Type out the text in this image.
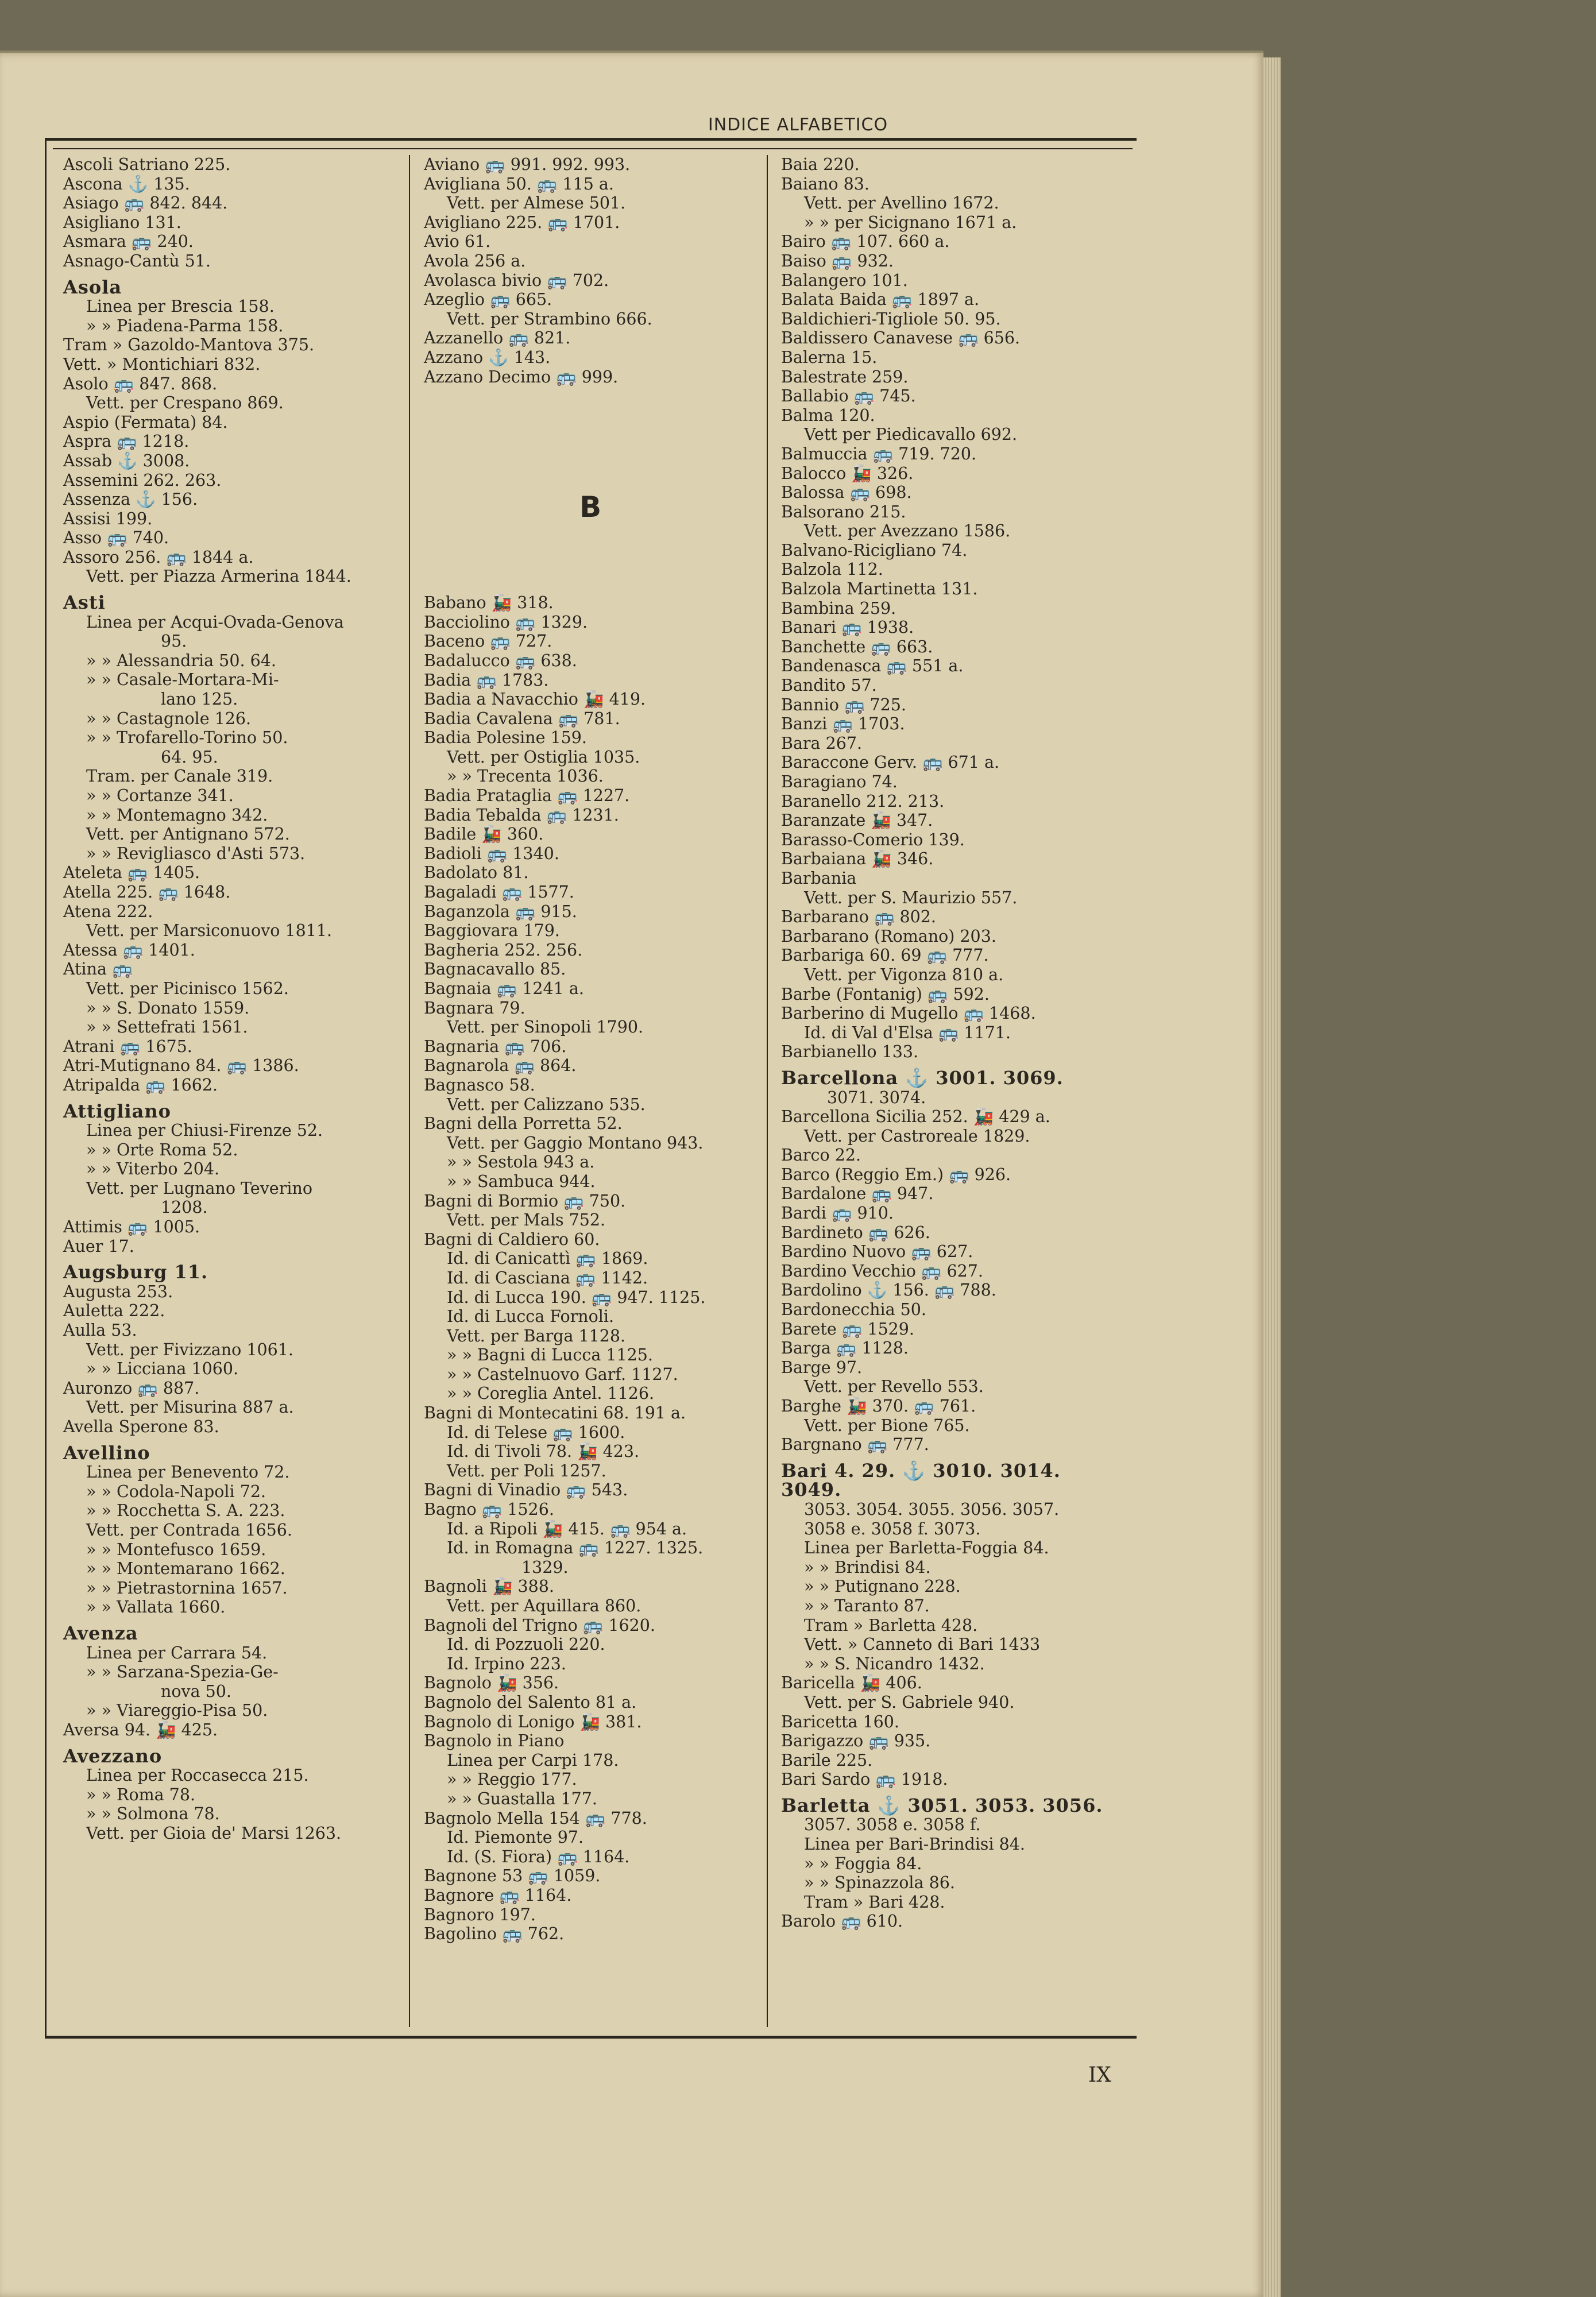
INDICE ALFABETICO
Ascoli Satriano 225.
Ascona ⚓ 135.
Asiago 🚌 842. 844.
Asigliano 131.
Asmara 🚌 240.
Asnago-Cantù 51.
Asola
Linea per Brescia 158.
» » Piadena-Parma 158.
Tram » Gazoldo-Mantova 375.
Vett. » Montichiari 832.
Asolo 🚌 847. 868.
Vett. per Crespano 869.
Aspio (Fermata) 84.
Aspra 🚌 1218.
Assab ⚓ 3008.
Assemini 262. 263.
Assenza ⚓ 156.
Assisi 199.
Asso 🚌 740.
Assoro 256. 🚌 1844 a.
Vett. per Piazza Armerina 1844.
Asti
Linea per Acqui-Ovada-Genova
95.
» » Alessandria 50. 64.
» » Casale-Mortara-Mi-
lano 125.
» » Castagnole 126.
» » Trofarello-Torino 50.
64. 95.
Tram. per Canale 319.
» » Cortanze 341.
» » Montemagno 342.
Vett. per Antignano 572.
» » Revigliasco d'Asti 573.
Ateleta 🚌 1405.
Atella 225. 🚌 1648.
Atena 222.
Vett. per Marsiconuovo 1811.
Atessa 🚌 1401.
Atina 🚌
Vett. per Picinisco 1562.
» » S. Donato 1559.
» » Settefrati 1561.
Atrani 🚌 1675.
Atri-Mutignano 84. 🚌 1386.
Atripalda 🚌 1662.
Attigliano
Linea per Chiusi-Firenze 52.
» » Orte Roma 52.
» » Viterbo 204.
Vett. per Lugnano Teverino
1208.
Attimis 🚌 1005.
Auer 17.
Augsburg 11.
Augusta 253.
Auletta 222.
Aulla 53.
Vett. per Fivizzano 1061.
» » Licciana 1060.
Auronzo 🚌 887.
Vett. per Misurina 887 a.
Avella Sperone 83.
Avellino
Linea per Benevento 72.
» » Codola-Napoli 72.
» » Rocchetta S. A. 223.
Vett. per Contrada 1656.
» » Montefusco 1659.
» » Montemarano 1662.
» » Pietrastornina 1657.
» » Vallata 1660.
Avenza
Linea per Carrara 54.
» » Sarzana-Spezia-Ge-
nova 50.
» » Viareggio-Pisa 50.
Aversa 94. 🚂 425.
Avezzano
Linea per Roccasecca 215.
» » Roma 78.
» » Solmona 78.
Vett. per Gioia de' Marsi 1263.
Aviano 🚌 991. 992. 993.
Avigliana 50. 🚌 115 a.
Vett. per Almese 501.
Avigliano 225. 🚌 1701.
Avio 61.
Avola 256 a.
Avolasca bivio 🚌 702.
Azeglio 🚌 665.
Vett. per Strambino 666.
Azzanello 🚌 821.
Azzano ⚓ 143.
Azzano Decimo 🚌 999.
B
Babano 🚂 318.
Bacciolino 🚌 1329.
Baceno 🚌 727.
Badalucco 🚌 638.
Badia 🚌 1783.
Badia a Navacchio 🚂 419.
Badia Cavalena 🚌 781.
Badia Polesine 159.
Vett. per Ostiglia 1035.
» » Trecenta 1036.
Badia Prataglia 🚌 1227.
Badia Tebalda 🚌 1231.
Badile 🚂 360.
Badioli 🚌 1340.
Badolato 81.
Bagaladi 🚌 1577.
Baganzola 🚌 915.
Baggiovara 179.
Bagheria 252. 256.
Bagnacavallo 85.
Bagnaia 🚌 1241 a.
Bagnara 79.
Vett. per Sinopoli 1790.
Bagnaria 🚌 706.
Bagnarola 🚌 864.
Bagnasco 58.
Vett. per Calizzano 535.
Bagni della Porretta 52.
Vett. per Gaggio Montano 943.
» » Sestola 943 a.
» » Sambuca 944.
Bagni di Bormio 🚌 750.
Vett. per Mals 752.
Bagni di Caldiero 60.
Id. di Canicattì 🚌 1869.
Id. di Casciana 🚌 1142.
Id. di Lucca 190. 🚌 947. 1125.
Id. di Lucca Fornoli.
Vett. per Barga 1128.
» » Bagni di Lucca 1125.
» » Castelnuovo Garf. 1127.
» » Coreglia Antel. 1126.
Bagni di Montecatini 68. 191 a.
Id. di Telese 🚌 1600.
Id. di Tivoli 78. 🚂 423.
Vett. per Poli 1257.
Bagni di Vinadio 🚌 543.
Bagno 🚌 1526.
Id. a Ripoli 🚂 415. 🚌 954 a.
Id. in Romagna 🚌 1227. 1325.
1329.
Bagnoli 🚂 388.
Vett. per Aquillara 860.
Bagnoli del Trigno 🚌 1620.
Id. di Pozzuoli 220.
Id. Irpino 223.
Bagnolo 🚂 356.
Bagnolo del Salento 81 a.
Bagnolo di Lonigo 🚂 381.
Bagnolo in Piano
Linea per Carpi 178.
» » Reggio 177.
» » Guastalla 177.
Bagnolo Mella 154 🚌 778.
Id. Piemonte 97.
Id. (S. Fiora) 🚌 1164.
Bagnone 53 🚌 1059.
Bagnore 🚌 1164.
Bagnoro 197.
Bagolino 🚌 762.
Baia 220.
Baiano 83.
Vett. per Avellino 1672.
» » per Sicignano 1671 a.
Bairo 🚌 107. 660 a.
Baiso 🚌 932.
Balangero 101.
Balata Baida 🚌 1897 a.
Baldichieri-Tigliole 50. 95.
Baldissero Canavese 🚌 656.
Balerna 15.
Balestrate 259.
Ballabio 🚌 745.
Balma 120.
Vett per Piedicavallo 692.
Balmuccia 🚌 719. 720.
Balocco 🚂 326.
Balossa 🚌 698.
Balsorano 215.
Vett. per Avezzano 1586.
Balvano-Ricigliano 74.
Balzola 112.
Balzola Martinetta 131.
Bambina 259.
Banari 🚌 1938.
Banchette 🚌 663.
Bandenasca 🚌 551 a.
Bandito 57.
Bannio 🚌 725.
Banzi 🚌 1703.
Bara 267.
Baraccone Gerv. 🚌 671 a.
Baragiano 74.
Baranello 212. 213.
Baranzate 🚂 347.
Barasso-Comerio 139.
Barbaiana 🚂 346.
Barbania
Vett. per S. Maurizio 557.
Barbarano 🚌 802.
Barbarano (Romano) 203.
Barbariga 60. 69 🚌 777.
Vett. per Vigonza 810 a.
Barbe (Fontanig) 🚌 592.
Barberino di Mugello 🚌 1468.
Id. di Val d'Elsa 🚌 1171.
Barbianello 133.
Barcellona ⚓ 3001. 3069.
3071. 3074.
Barcellona Sicilia 252. 🚂 429 a.
Vett. per Castroreale 1829.
Barco 22.
Barco (Reggio Em.) 🚌 926.
Bardalone 🚌 947.
Bardi 🚌 910.
Bardineto 🚌 626.
Bardino Nuovo 🚌 627.
Bardino Vecchio 🚌 627.
Bardolino ⚓ 156. 🚌 788.
Bardonecchia 50.
Barete 🚌 1529.
Barga 🚌 1128.
Barge 97.
Vett. per Revello 553.
Barghe 🚂 370. 🚌 761.
Vett. per Bione 765.
Bargnano 🚌 777.
Bari 4. 29. ⚓ 3010. 3014. 3049.
3053. 3054. 3055. 3056. 3057.
3058 e. 3058 f. 3073.
Linea per Barletta-Foggia 84.
» » Brindisi 84.
» » Putignano 228.
» » Taranto 87.
Tram » Barletta 428.
Vett. » Canneto di Bari 1433
» » S. Nicandro 1432.
Baricella 🚂 406.
Vett. per S. Gabriele 940.
Baricetta 160.
Barigazzo 🚌 935.
Barile 225.
Bari Sardo 🚌 1918.
Barletta ⚓ 3051. 3053. 3056.
3057. 3058 e. 3058 f.
Linea per Bari-Brindisi 84.
» » Foggia 84.
» » Spinazzola 86.
Tram » Bari 428.
Barolo 🚌 610.
IX
